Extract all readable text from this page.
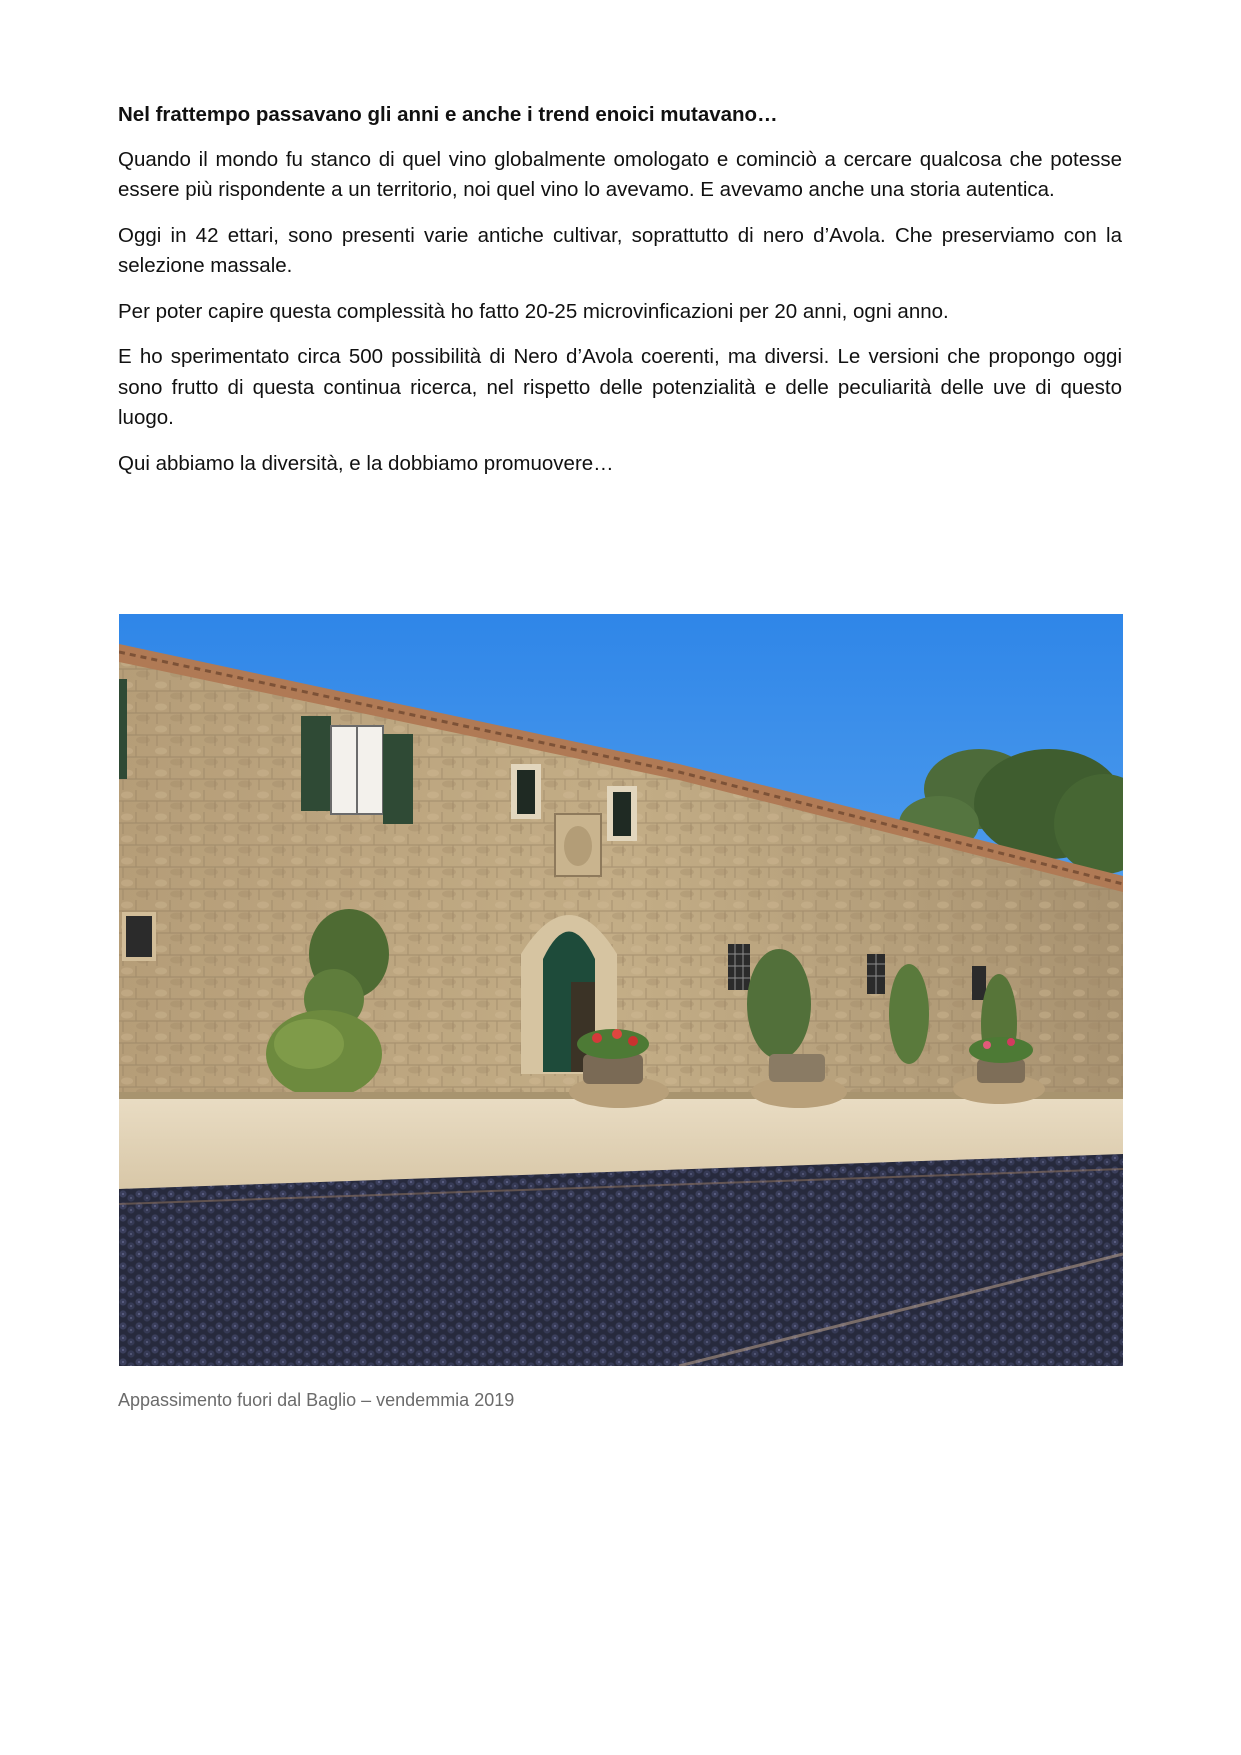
Nel frattempo passavano gli anni e anche i trend enoici mutavano…

Quando il mondo fu stanco di quel vino globalmente omologato e cominciò a cercare qualcosa che potesse essere più rispondente a un territorio, noi quel vino lo avevamo. E avevamo anche una storia autentica.

Oggi in 42 ettari, sono presenti varie antiche cultivar, soprattutto di nero d’Avola. Che preserviamo con la selezione massale.

Per poter capire questa complessità ho fatto 20-25 microvinficazioni per 20 anni, ogni anno.

E ho sperimentato circa 500 possibilità di Nero d’Avola coerenti, ma diversi. Le versioni che propongo oggi sono frutto di questa continua ricerca, nel rispetto delle potenzialità e delle peculiarità delle uve di questo luogo.

Qui abbiamo la diversità, e la dobbiamo promuovere…

Appassimento fuori dal Baglio – vendemmia 2019
